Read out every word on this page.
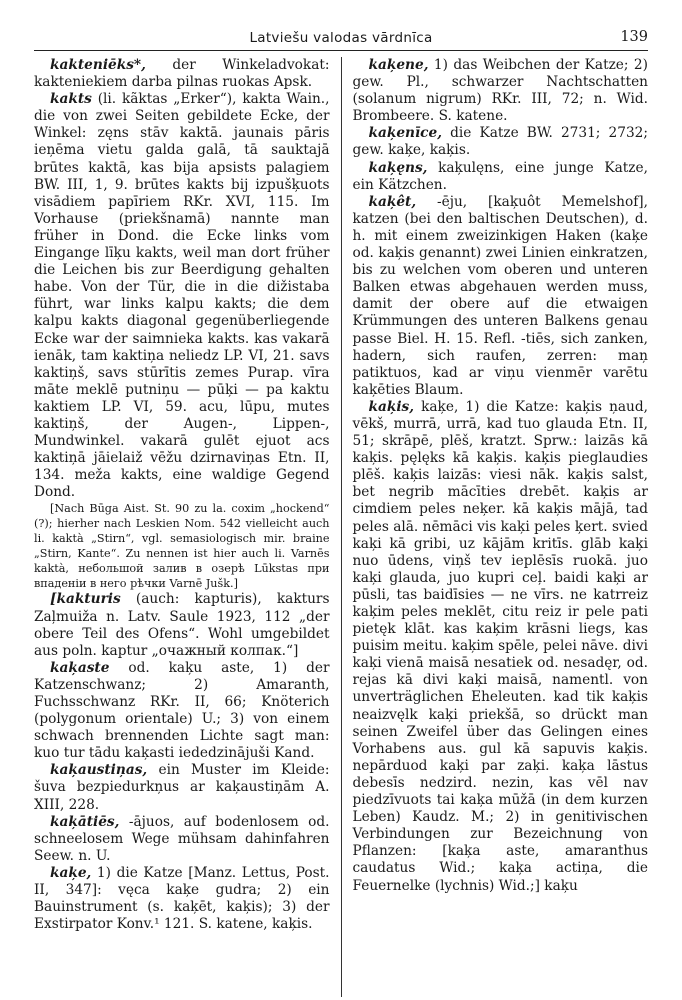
Latviešu valodas vārdnīca	139

kakteniēks*, der Winkeladvokat: kakteniekiem darba pilnas ruokas Apsk.

kakts (li. kãktas „Erker“), kakta Wain., die von zwei Seiten gebildete Ecke, der Winkel: zęns stāv kaktā. jaunais pāris ieņēma vietu galda galā, tā sauktajā brūtes kaktā, kas bija apsists palagiem BW. III, 1, 9. brūtes kakts bij izpušķuots visādiem papīriem RKr. XVI, 115. Im Vorhause (priekšnamā) nannte man früher in Dond. die Ecke links vom Eingange līķu kakts, weil man dort früher die Leichen bis zur Beerdigung gehalten habe. Von der Tür, die in die dižistaba führt, war links kalpu kakts; die dem kalpu kakts diagonal gegenüberliegende Ecke war der saimnieka kakts. kas vakarā ienāk, tam kaktiņa neliedz LP. VI, 21. savs kaktiņš, savs stūrītis zemes Purap. vīra māte meklē putniņu — pūķi — pa kaktu kaktiem LP. VI, 59. acu, lūpu, mutes kaktiņš, der Augen-, Lippen-, Mundwinkel. vakarā gulēt ejuot acs kaktiņā jāielaiž vēžu dzirnaviņas Etn. II, 134. meža kakts, eine waldige Gegend Dond.

[Nach Būga Aist. St. 90 zu la. coxim „hockend“ (?); hierher nach Leskien Nom. 542 vielleicht auch li. kaktà „Stirn“, vgl. semasiologisch mir. braine „Stirn, Kante“. Zu nennen ist hier auch li. Varnēs kaktà, небольшой залив в озерѣ Lūkstas при впаденіи в него рѣчки Varnē Jušk.]

[kakturis (auch: kapturis), kakturs Zaļmuiža n. Latv. Saule 1923, 112 „der obere Teil des Ofens“. Wohl umgebildet aus poln. kaptur „очажный колпак.“]

kaķaste od. kaķu aste, 1) der Katzenschwanz; 2) Amaranth, Fuchsschwanz RKr. II, 66; Knöterich (polygonum orientale) U.; 3) von einem schwach brennenden Lichte sagt man: kuo tur tādu kaķasti iededzinājuši Kand.

kaķaustiņas, ein Muster im Kleide: šuva bezpiedurkņus ar kaķaustiņām A. XIII, 228.

kaķātiēs, -ājuos, auf bodenlosem od. schneelosem Wege mühsam dahinfahren Seew. n. U.

kaķe, 1) die Katze [Manz. Lettus, Post. II, 347]: vęca kaķe gudra; 2) ein Bauinstrument (s. kaķēt, kaķis); 3) der Exstirpator Konv.¹ 121. S. katene, kaķis.

kaķene, 1) das Weibchen der Katze; 2) gew. Pl., schwarzer Nachtschatten (solanum nigrum) RKr. III, 72; n. Wid. Brombeere. S. katene.

kaķenīce, die Katze BW. 2731; 2732; gew. kaķe, kaķis.

kaķęns, kaķulęns, eine junge Katze, ein Kätzchen.

kaķêt, -ēju, [kaķuôt Memelshof], katzen (bei den baltischen Deutschen), d. h. mit einem zweizinkigen Haken (kaķe od. kaķis genannt) zwei Linien einkratzen, bis zu welchen vom oberen und unteren Balken etwas abgehauen werden muss, damit der obere auf die etwaigen Krümmungen des unteren Balkens genau passe Biel. H. 15. Refl. -tiēs, sich zanken, hadern, sich raufen, zerren: maņ patiktuos, kad ar viņu vienmēr varētu kaķēties Blaum.

kaķis, kaķe, 1) die Katze: kaķis ņaud, vēkš, murrā, urrā, kad tuo glauda Etn. II, 51; skrāpē, plēš, kratzt. Sprw.: laizās kā kaķis. pęlęks kā kaķis. kaķis pieglaudies plēš. kaķis laizās: viesi nāk. kaķis salst, bet negrib mācīties drebēt. kaķis ar cimdiem peles neķer. kā kaķis mājā, tad peles alā. nēmāci vis kaķi peles ķert. svied kaķi kā gribi, uz kājām kritīs. glāb kaķi nuo ūdens, viņš tev ieplēsīs ruokā. juo kaķi glauda, juo kupri ceļ. baidi kaķi ar pūsli, tas baidīsies — ne vīrs. ne katrreiz kaķim peles meklēt, citu reiz ir pele pati pietęk klāt. kas kaķim krāsni liegs, kas puisim meitu. kaķim spēle, pelei nāve. divi kaķi vienā maisā nesatiek od. nesadęr, od. rejas kā divi kaķi maisā, namentl. von unverträglichen Eheleuten. kad tik kaķis neaizvęlk kaķi priekšā, so drückt man seinen Zweifel über das Gelingen eines Vorhabens aus. gul kā sapuvis kaķis. nepārduod kaķi par zaķi. kaķa lāstus debesīs nedzird. nezin, kas vēl nav piedzīvuots tai kaķa mūžā (in dem kurzen Leben) Kaudz. M.; 2) in genitivischen Verbindungen zur Bezeichnung von Pflanzen: [kaķa aste, amaranthus caudatus Wid.; kaķa actiņa, die Feuernelke (lychnis) Wid.;] kaķu
